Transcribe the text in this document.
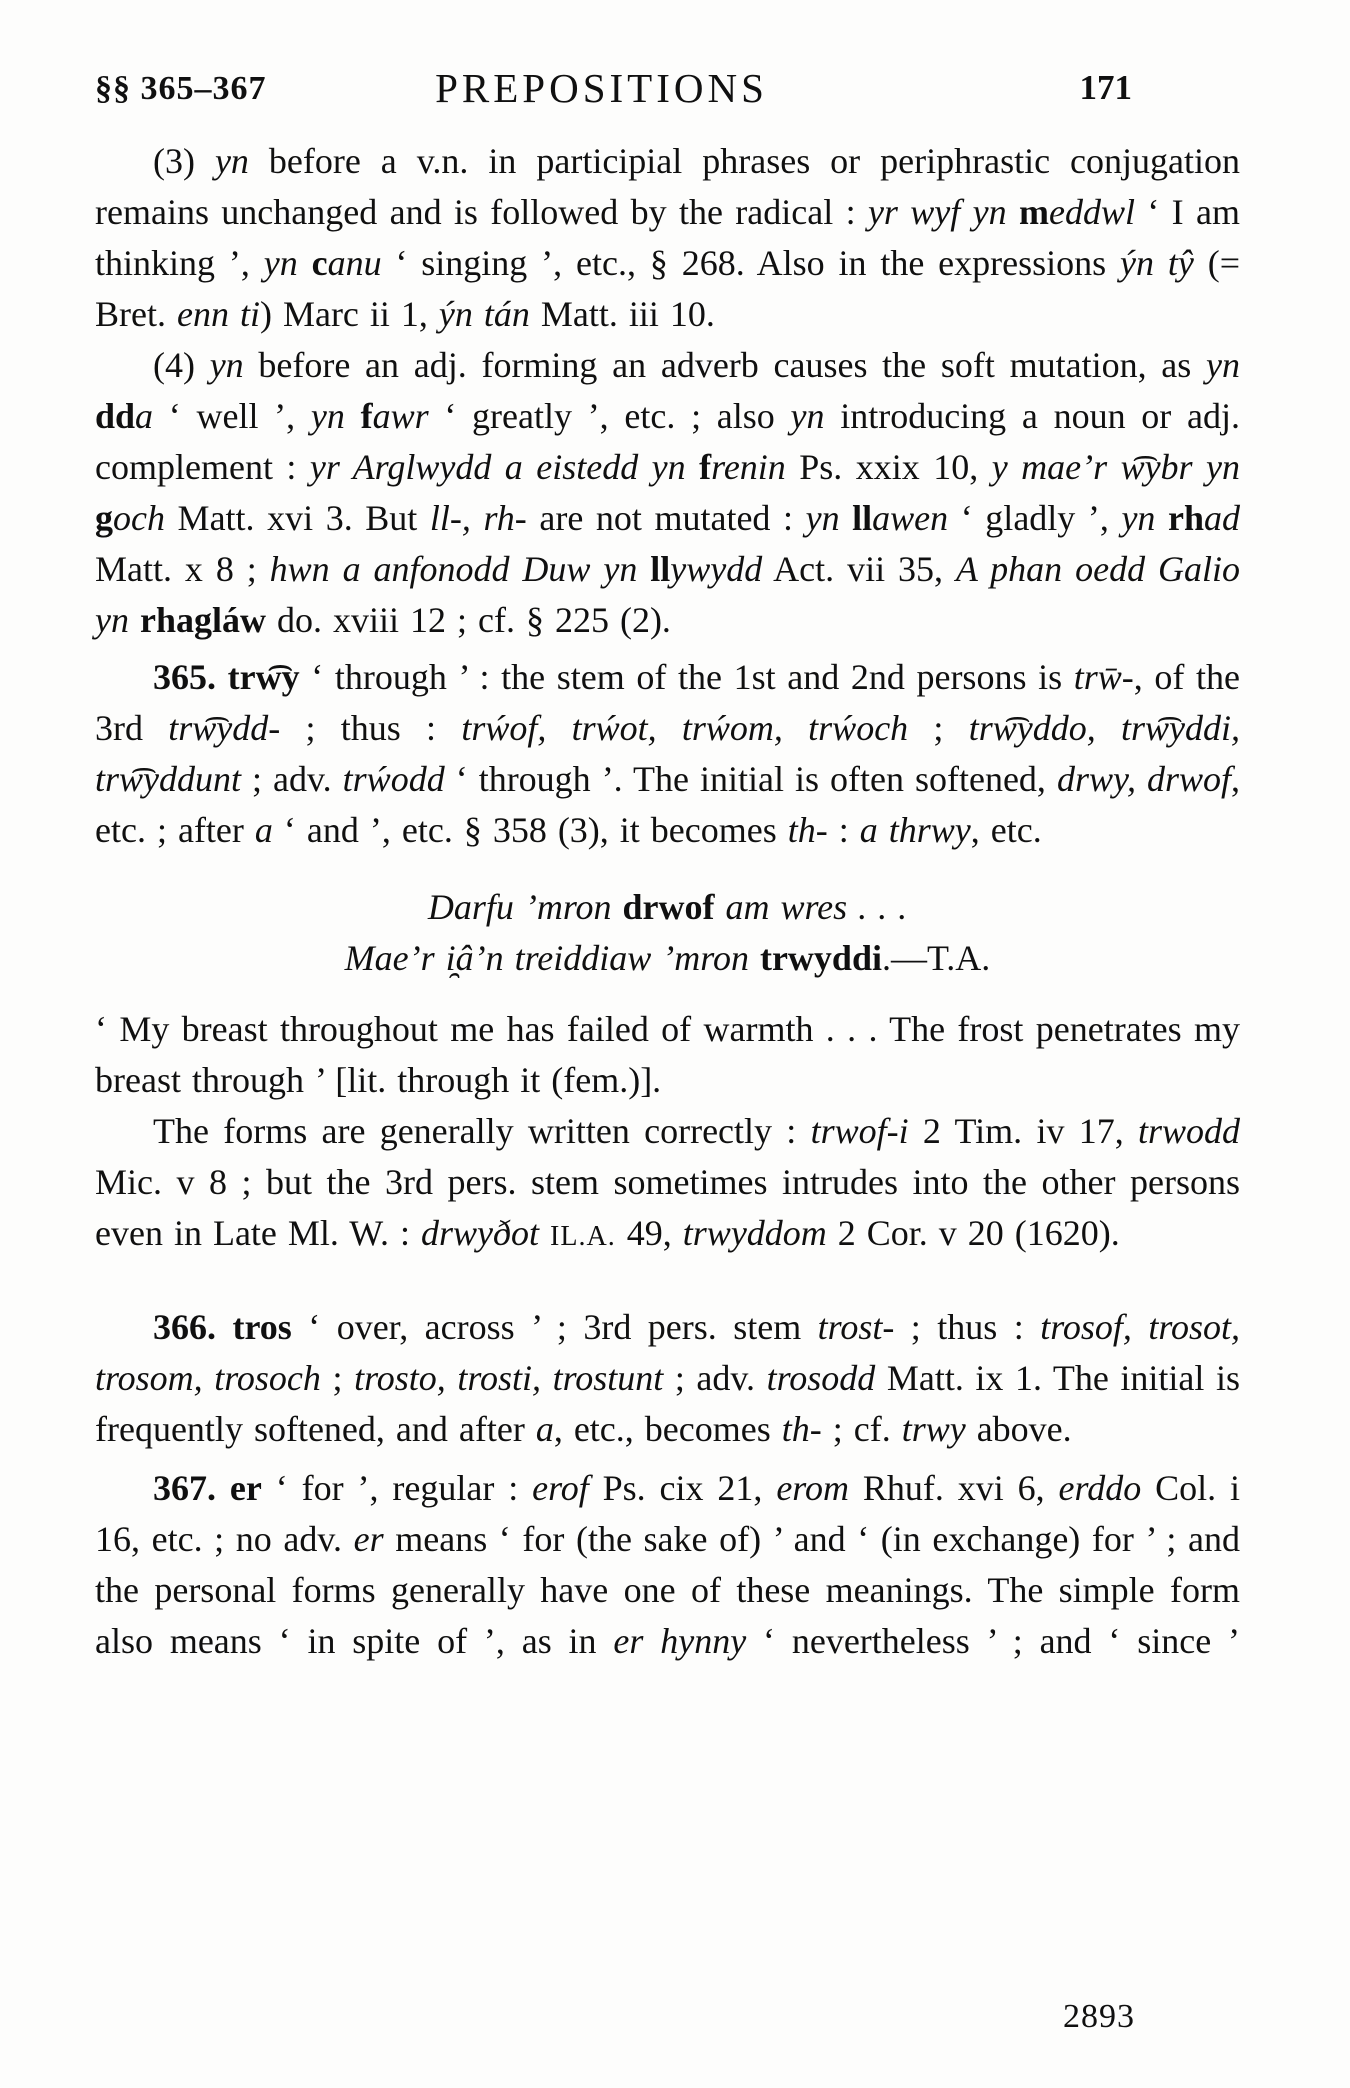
§§ 365–367	PREPOSITIONS	171

(3) yn before a v.n. in participial phrases or periphrastic conjugation remains unchanged and is followed by the radical : yr wyf yn meddwl ‘ I am thinking ’, yn canu ‘ singing ’, etc., § 268. Also in the expressions ýn tŷ (= Bret. enn ti) Marc ii 1, ýn tán Matt. iii 10.

(4) yn before an adj. forming an adverb causes the soft mutation, as yn dda ‘ well ’, yn fawr ‘ greatly ’, etc. ; also yn introducing a noun or adj. complement : yr Arglwydd a eistedd yn frenin Ps. xxix 10, y mae’r w͡ybr yn goch Matt. xvi 3. But ll-, rh- are not mutated : yn llawen ‘ gladly ’, yn rhad Matt. x 8 ; hwn a anfonodd Duw yn llywydd Act. vii 35, A phan oedd Galio yn rhagláw do. xviii 12 ; cf. § 225 (2).

365. trw͡y ‘ through ’ : the stem of the 1st and 2nd persons is trw̄-, of the 3rd trw͡ydd- ; thus : trẃof, trẃot, trẃom, trẃoch ; trw͡yddo, trw͡yddi, trw͡yddunt ; adv. trẃodd ‘ through ’. The initial is often softened, drwy, drwof, etc. ; after a ‘ and ’, etc. § 358 (3), it becomes th- : a thrwy, etc.

Darfu ’mron drwof am wres . . .
Mae’r i̯â’n treiddiaw ’mron trwyddi.—T.A.

‘ My breast throughout me has failed of warmth . . . The frost penetrates my breast through ’ [lit. through it (fem.)].

The forms are generally written correctly : trwof-i 2 Tim. iv 17, trwodd Mic. v 8 ; but the 3rd pers. stem sometimes intrudes into the other persons even in Late Ml. W. : drwyðot IL.A. 49, trwyddom 2 Cor. v 20 (1620).

366. tros ‘ over, across ’ ; 3rd pers. stem trost- ; thus : trosof, trosot, trosom, trosoch ; trosto, trosti, trostunt ; adv. trosodd Matt. ix 1. The initial is frequently softened, and after a, etc., becomes th- ; cf. trwy above.

367. er ‘ for ’, regular : erof Ps. cix 21, erom Rhuf. xvi 6, erddo Col. i 16, etc. ; no adv. er means ‘ for (the sake of) ’ and ‘ (in exchange) for ’ ; and the personal forms generally have one of these meanings. The simple form also means ‘ in spite of ’, as in er hynny ‘ nevertheless ’ ; and ‘ since ’

2893
